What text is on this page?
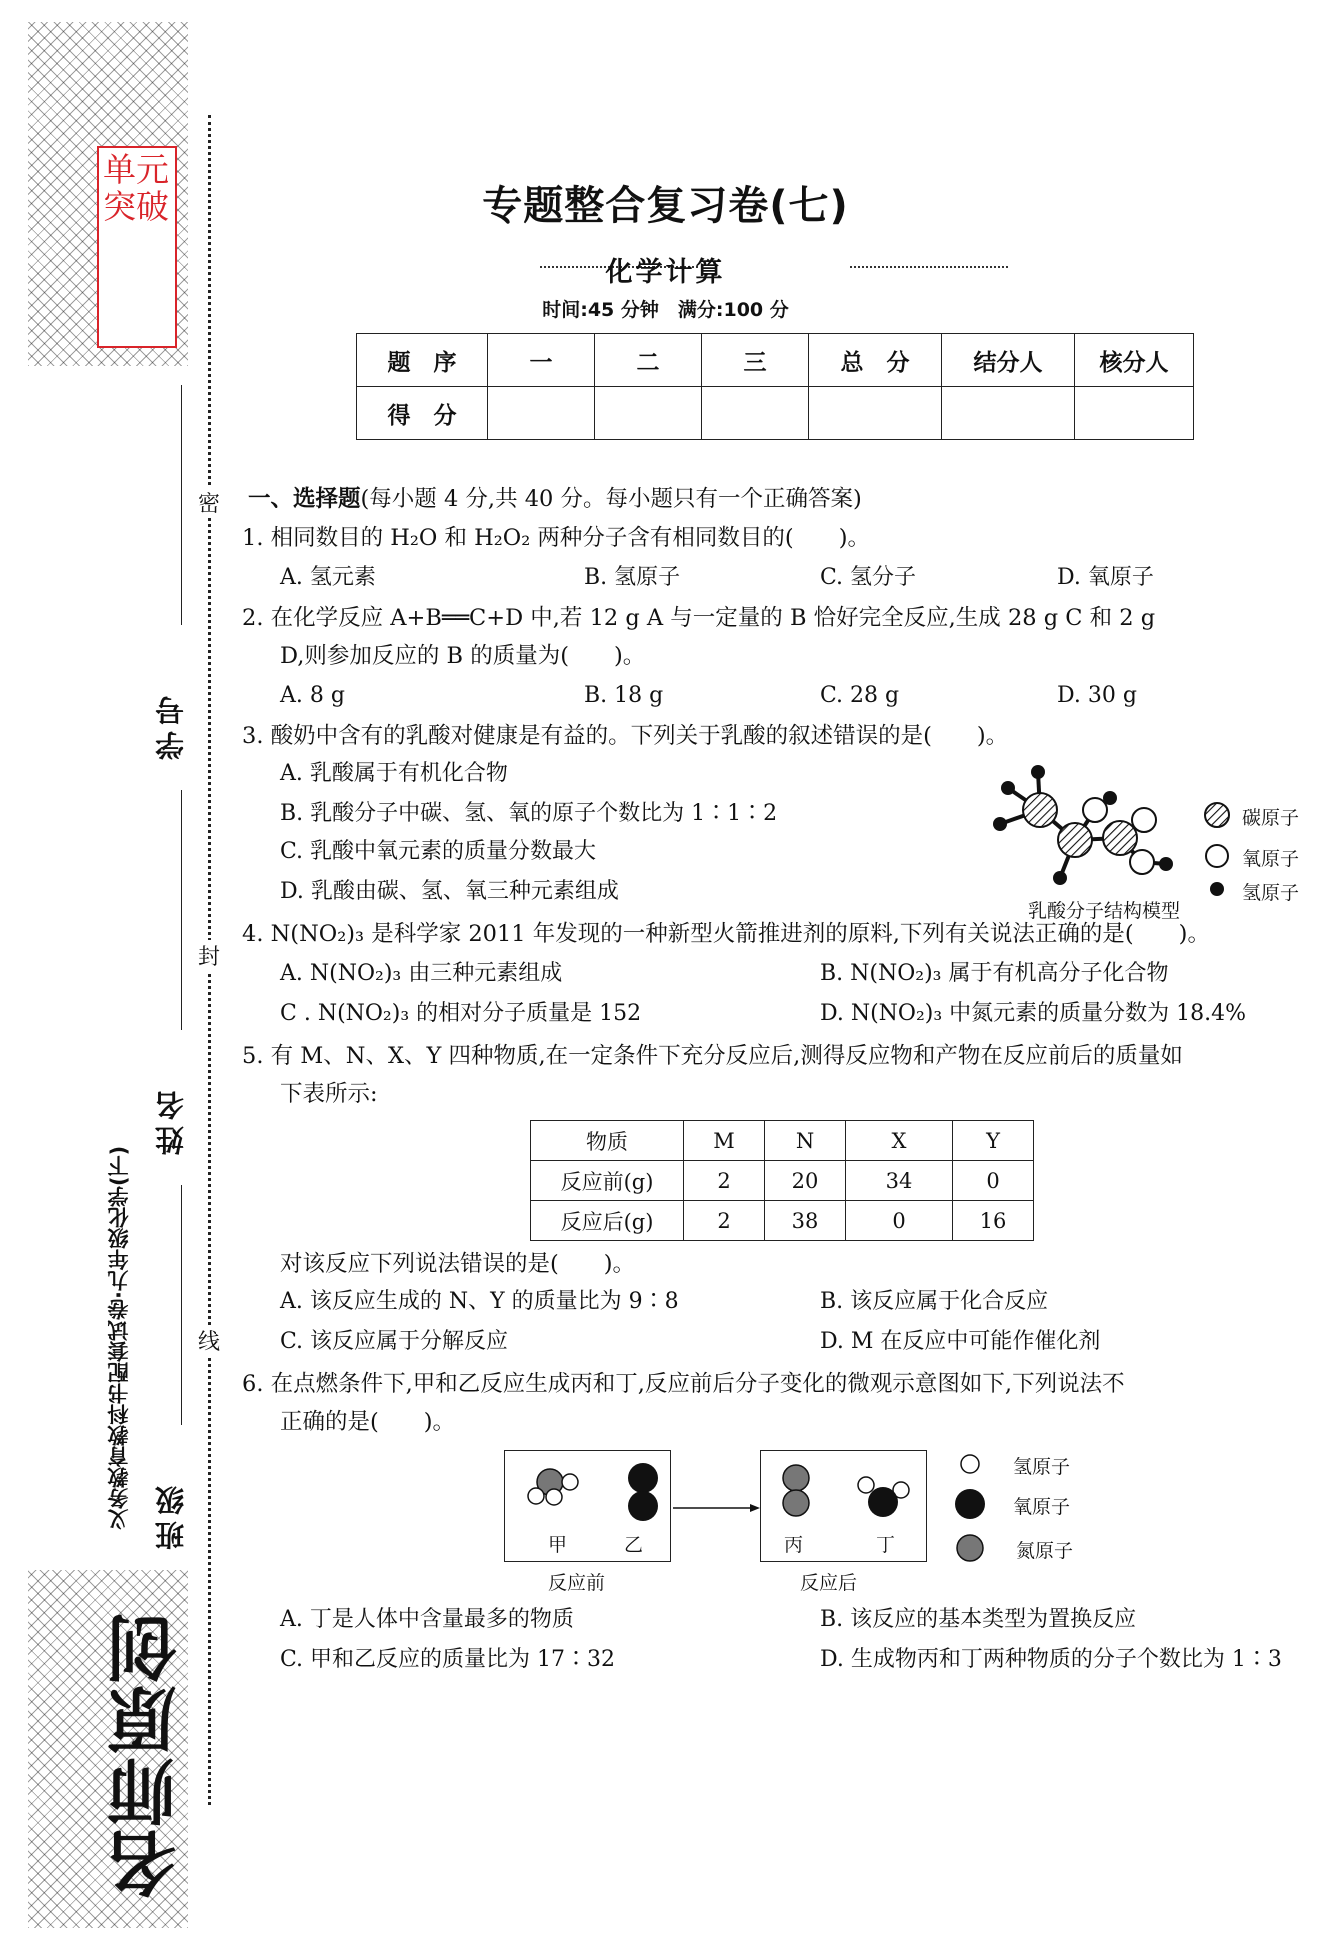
单元突破
名师原创
义务教育教科书配套试卷·九年级化学(下)
学号
姓名
班级
密
封
线
专题整合复习卷(七)
化学计算
时间:45 分钟　满分:100 分
题　序	一	二	三	总　分	结分人	核分人
得　分						
一、选择题(每小题 4 分,共 40 分。每小题只有一个正确答案)
1. 相同数目的 H₂O 和 H₂O₂ 两种分子含有相同数目的(　　)。
A. 氢元素	B. 氢原子	C. 氢分子	D. 氧原子
2. 在化学反应 A+B══C+D 中,若 12 g A 与一定量的 B 恰好完全反应,生成 28 g C 和 2 g
D,则参加反应的 B 的质量为(　　)。
A. 8 g	B. 18 g	C. 28 g	D. 30 g
3. 酸奶中含有的乳酸对健康是有益的。下列关于乳酸的叙述错误的是(　　)。
A. 乳酸属于有机化合物
B. 乳酸分子中碳、氢、氧的原子个数比为 1∶1∶2
C. 乳酸中氧元素的质量分数最大
D. 乳酸由碳、氢、氧三种元素组成
乳酸分子结构模型
碳原子
氧原子
氢原子
4. N(NO₂)₃ 是科学家 2011 年发现的一种新型火箭推进剂的原料,下列有关说法正确的是(　　)。
A. N(NO₂)₃ 由三种元素组成	B. N(NO₂)₃ 属于有机高分子化合物
C . N(NO₂)₃ 的相对分子质量是 152	D. N(NO₂)₃ 中氮元素的质量分数为 18.4%
5. 有 M、N、X、Y 四种物质,在一定条件下充分反应后,测得反应物和产物在反应前后的质量如
下表所示:
物质	M	N	X	Y
反应前(g)	2	20	34	0
反应后(g)	2	38	0	16
对该反应下列说法错误的是(　　)。
A. 该反应生成的 N、Y 的质量比为 9∶8	B. 该反应属于化合反应
C. 该反应属于分解反应	D. M 在反应中可能作催化剂
6. 在点燃条件下,甲和乙反应生成丙和丁,反应前后分子变化的微观示意图如下,下列说法不
正确的是(　　)。
甲	乙	丙	丁
反应前	反应后
氢原子
氧原子
氮原子
A. 丁是人体中含量最多的物质	B. 该反应的基本类型为置换反应
C. 甲和乙反应的质量比为 17∶32	D. 生成物丙和丁两种物质的分子个数比为 1∶3
